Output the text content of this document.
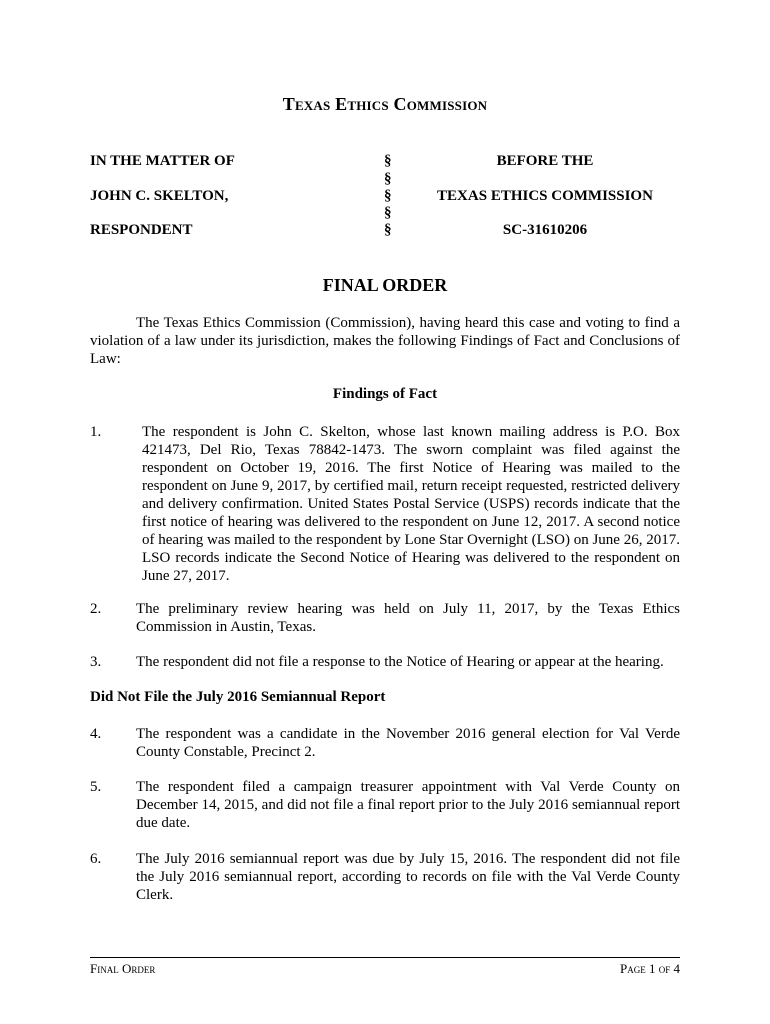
Texas Ethics Commission
IN THE MATTER OF	§	BEFORE THE
§
JOHN C. SKELTON,	§	TEXAS ETHICS COMMISSION
§
RESPONDENT	§	SC-31610206
FINAL ORDER
The Texas Ethics Commission (Commission), having heard this case and voting to find a violation of a law under its jurisdiction, makes the following Findings of Fact and Conclusions of Law:
Findings of Fact
1.	The respondent is John C. Skelton, whose last known mailing address is P.O. Box 421473, Del Rio, Texas 78842-1473. The sworn complaint was filed against the respondent on October 19, 2016. The first Notice of Hearing was mailed to the respondent on June 9, 2017, by certified mail, return receipt requested, restricted delivery and delivery confirmation. United States Postal Service (USPS) records indicate that the first notice of hearing was delivered to the respondent on June 12, 2017. A second notice of hearing was mailed to the respondent by Lone Star Overnight (LSO) on June 26, 2017. LSO records indicate the Second Notice of Hearing was delivered to the respondent on June 27, 2017.
2. The preliminary review hearing was held on July 11, 2017, by the Texas Ethics Commission in Austin, Texas.
3. The respondent did not file a response to the Notice of Hearing or appear at the hearing.
Did Not File the July 2016 Semiannual Report
4. The respondent was a candidate in the November 2016 general election for Val Verde County Constable, Precinct 2.
5. The respondent filed a campaign treasurer appointment with Val Verde County on December 14, 2015, and did not file a final report prior to the July 2016 semiannual report due date.
6. The July 2016 semiannual report was due by July 15, 2016. The respondent did not file the July 2016 semiannual report, according to records on file with the Val Verde County Clerk.
Final Order	Page 1 of 4
